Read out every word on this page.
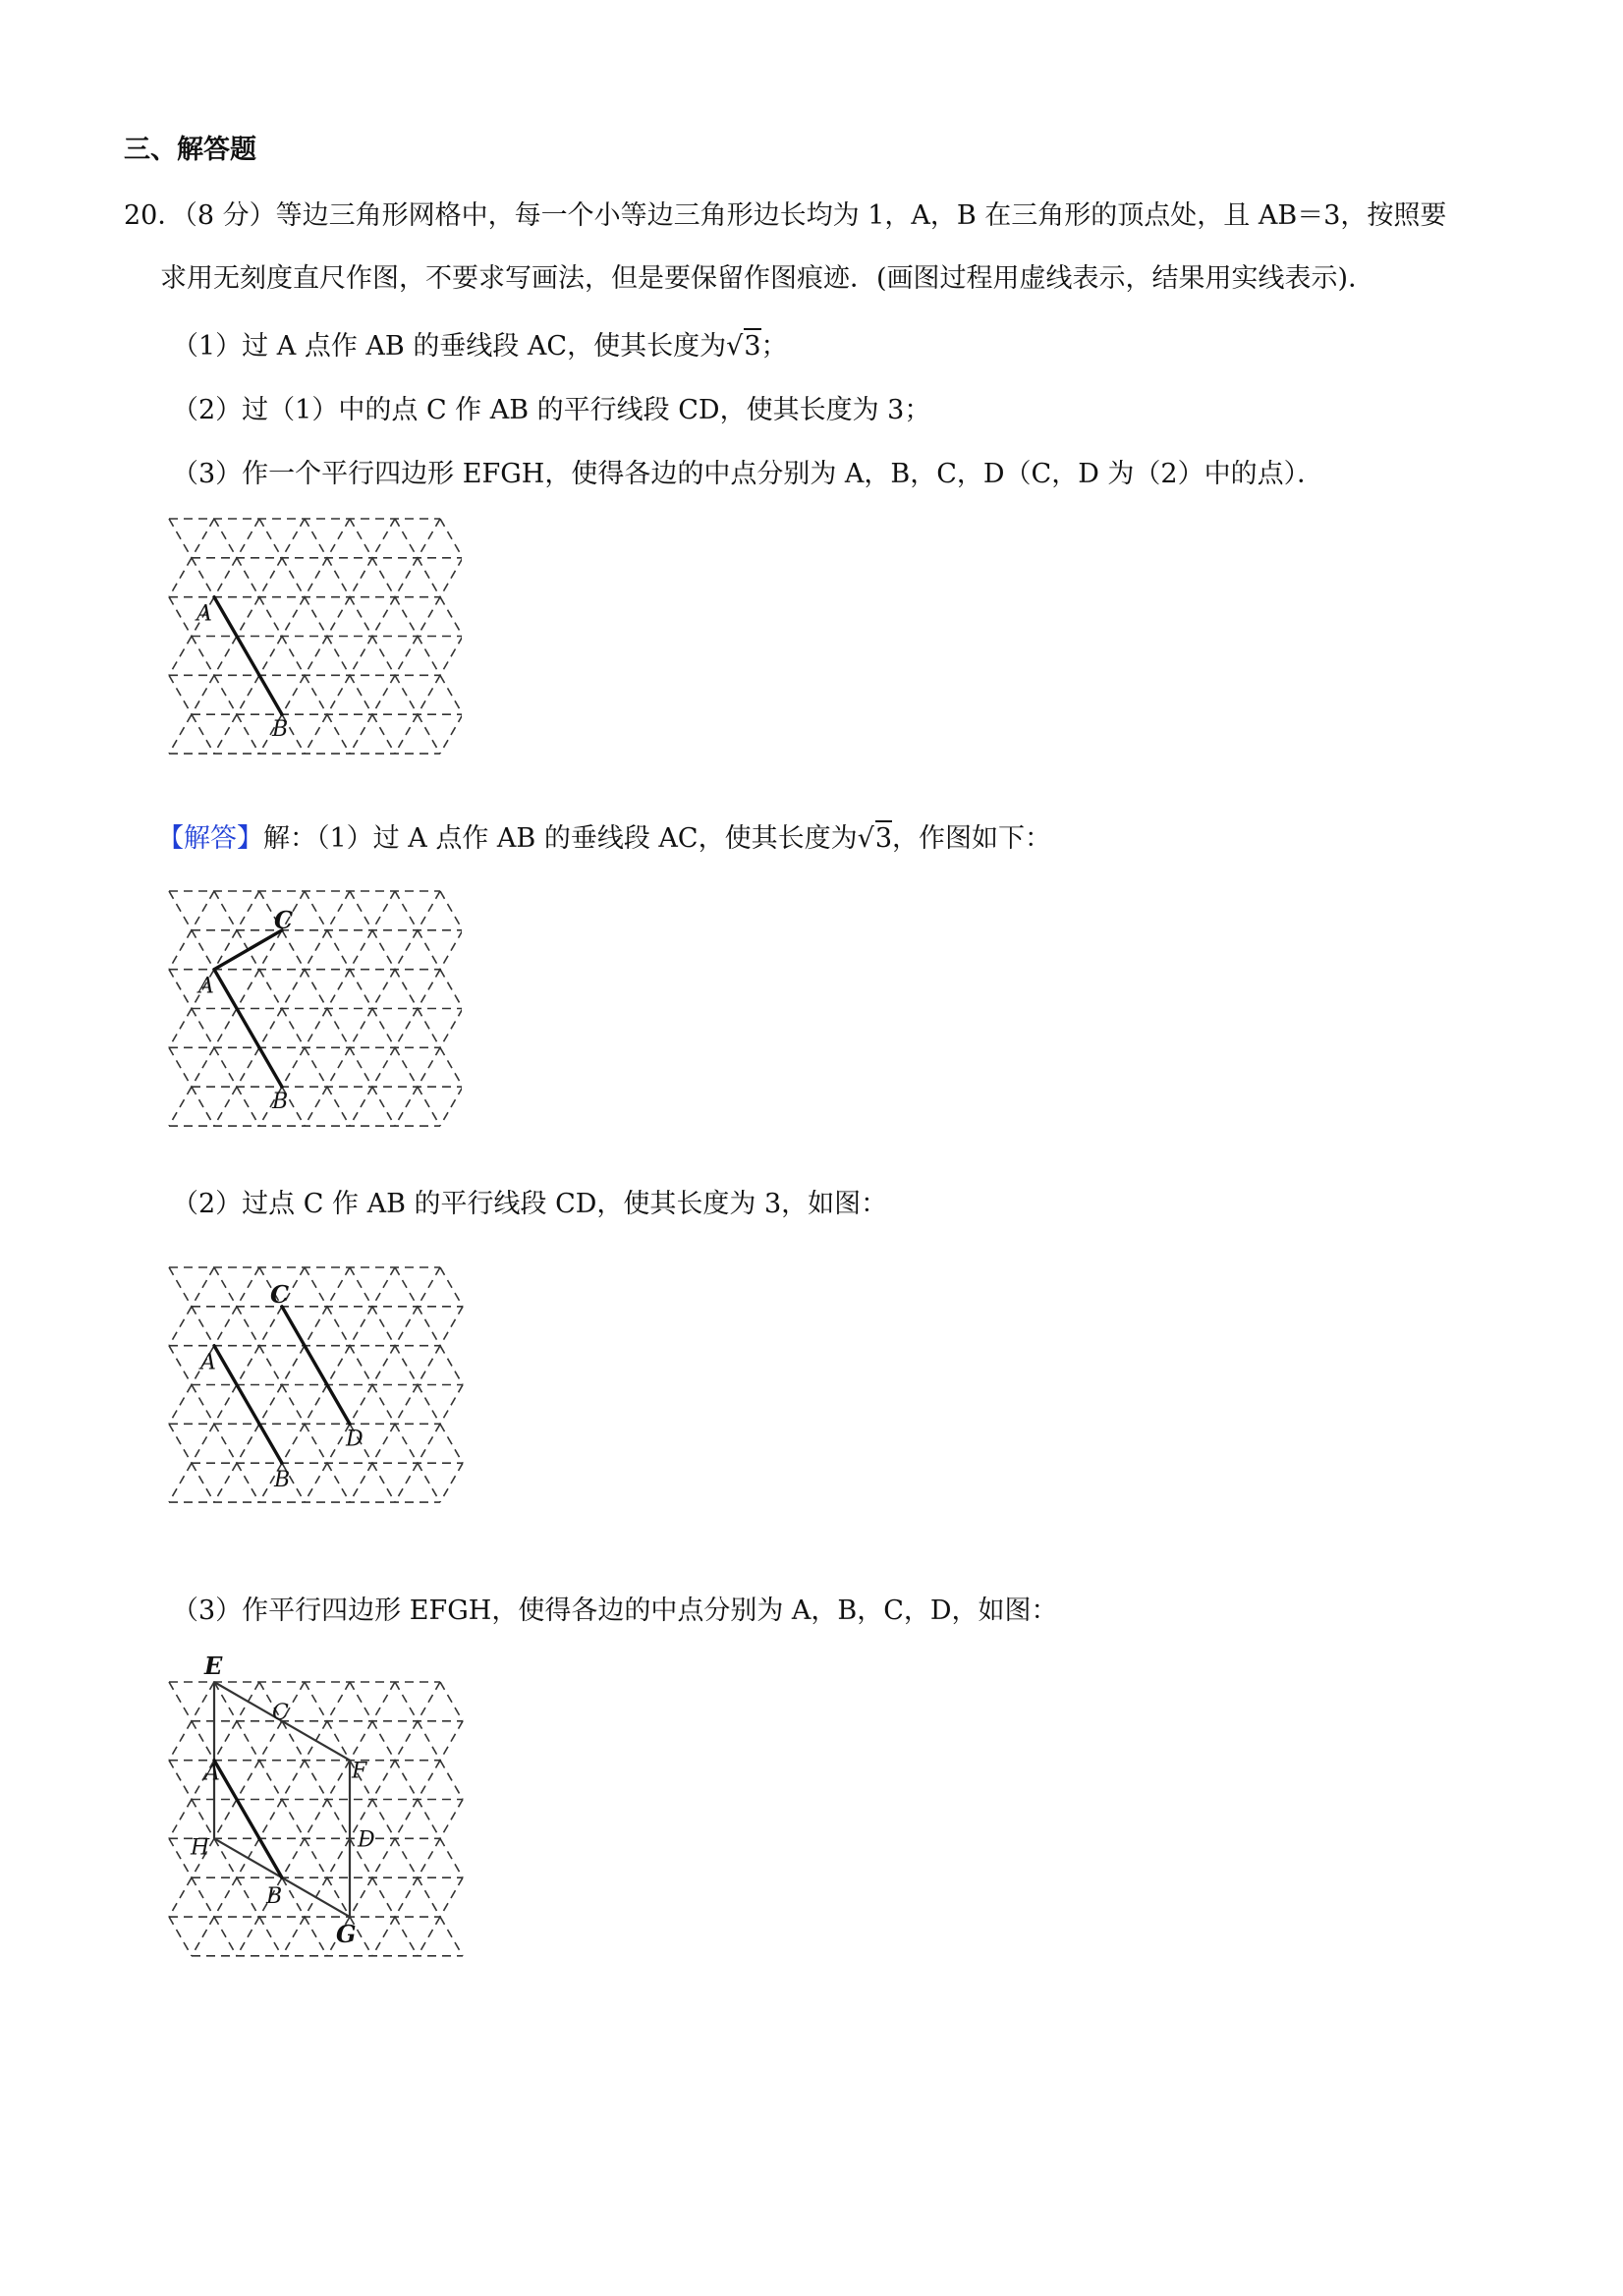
三、解答题
20．（8 分）等边三角形网格中，每一个小等边三角形边长均为 1，A，B 在三角形的顶点处，且 AB＝3，按照要
求用无刻度直尺作图，不要求写画法，但是要保留作图痕迹．(画图过程用虚线表示，结果用实线表示)．
（1）过 A 点作 AB 的垂线段 AC，使其长度为√3；
（2）过（1）中的点 C 作 AB 的平行线段 CD，使其长度为 3；
（3）作一个平行四边形 EFGH，使得各边的中点分别为 A，B，C，D（C，D 为（2）中的点）．
A
B
【解答】解：（1）过 A 点作 AB 的垂线段 AC，使其长度为√3，作图如下：
A
B
C
（2）过点 C 作 AB 的平行线段 CD，使其长度为 3，如图：
A
B
C
D
（3）作平行四边形 EFGH，使得各边的中点分别为 A，B，C，D，如图：
E
F
G
H
A
B
C
D
